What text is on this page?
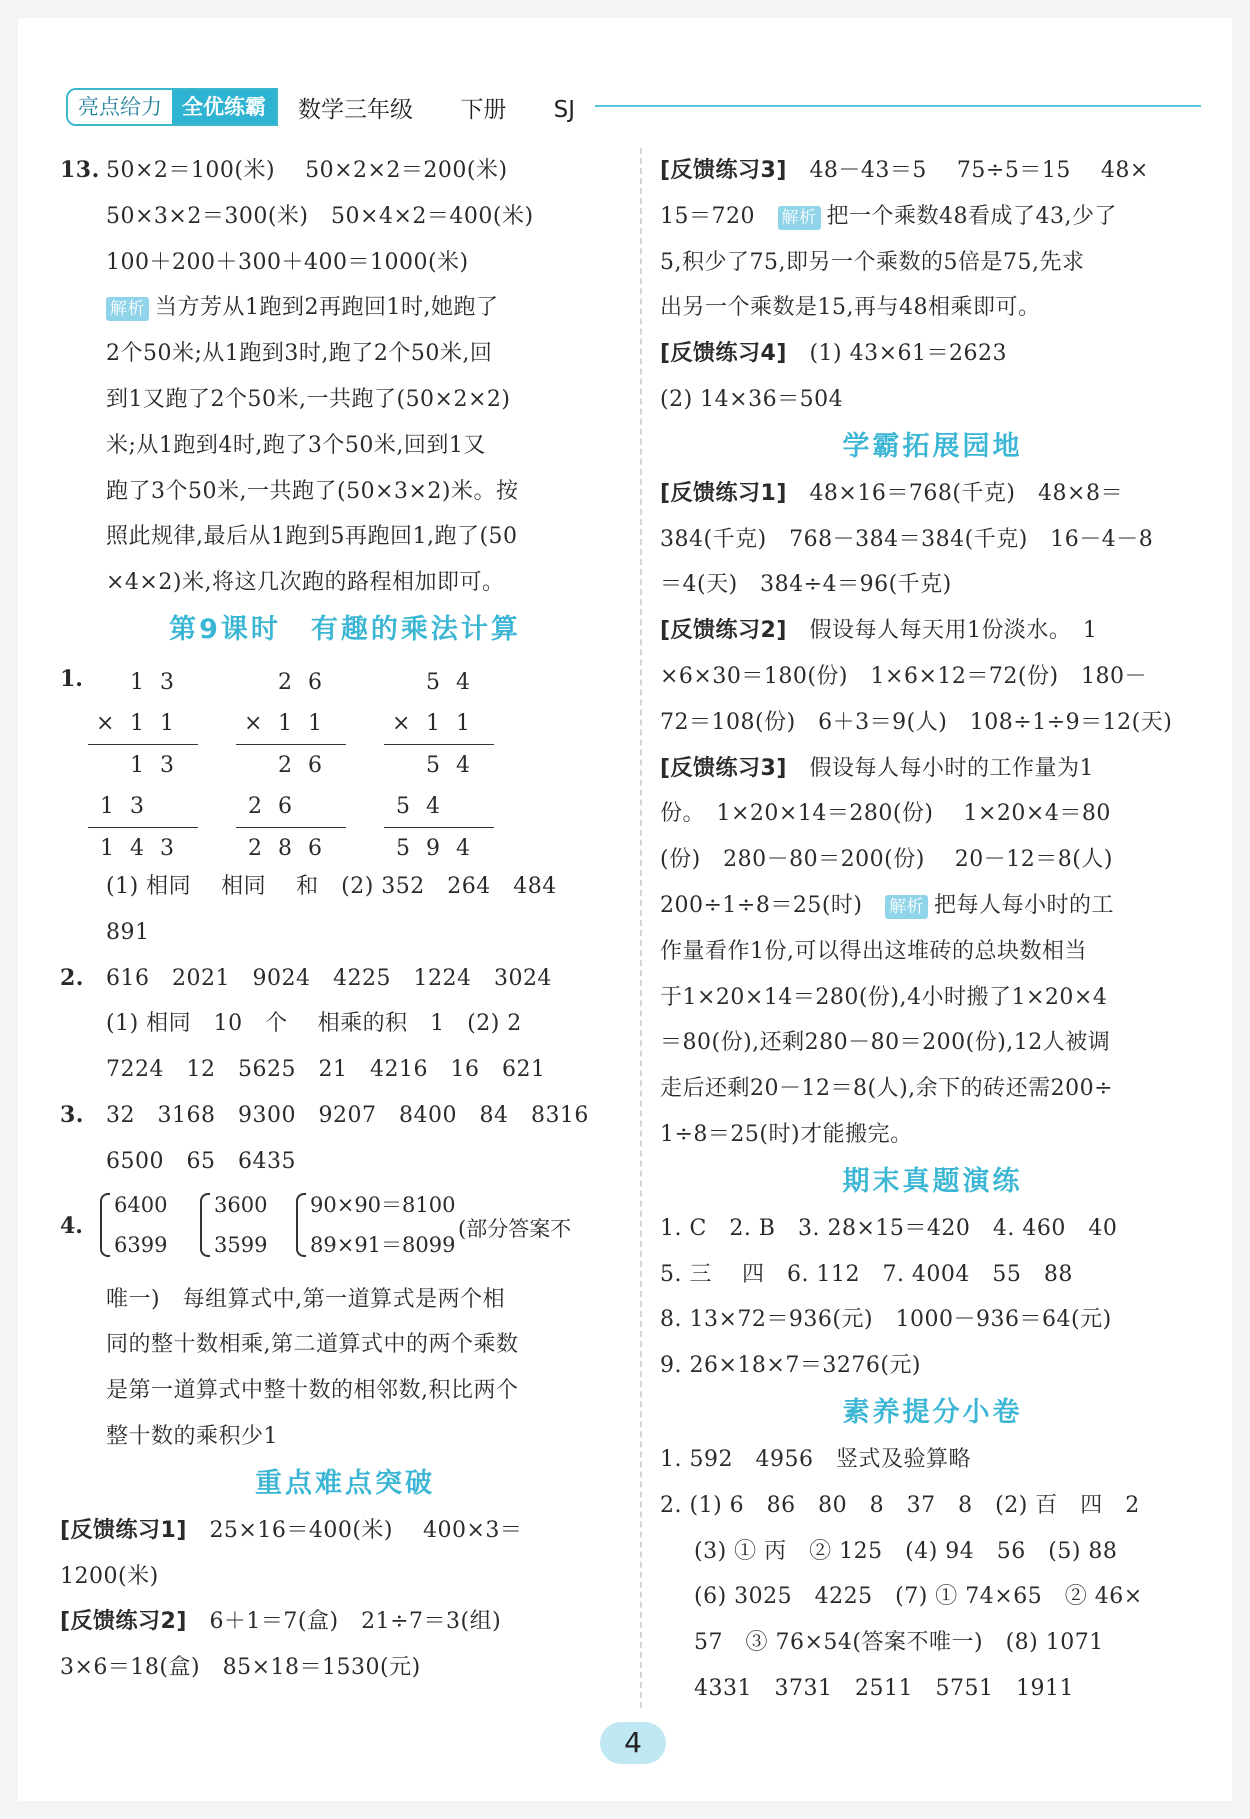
亮点给力 全优练霸	数学三年级 下册 SJ
13. 50×2＝100(米)　 50×2×2＝200(米)
50×3×2＝300(米)　50×4×2＝400(米)
100＋200＋300＋400＝1000(米)
解析 当方芳从1跑到2再跑回1时,她跑了
2个50米;从1跑到3时,跑了2个50米,回
到1又跑了2个50米,一共跑了(50×2×2)
米;从1跑到4时,跑了3个50米,回到1又
跑了3个50米,一共跑了(50×3×2)米。按
照此规律,最后从1跑到5再跑回1,跑了(50
×4×2)米,将这几次跑的路程相加即可。
第9课时　有趣的乘法计算
1. 1 3
× 1 1
1 3
1 3
1 4 3
2 6
× 1 1
2 6
2 6
2 8 6
5 4
× 1 1
5 4
5 4
5 9 4
(1) 相同　 相同　 和　(2) 352　264　484
891
2. 616　2021　9024　4225　1224　3024
(1) 相同　10　个　 相乘的积　1　(2) 2
7224　12　5625　21　4216　16　621
3. 32　3168　9300　9207　8400　84　8316
6500　65　6435
4.
6400
6399
3600
3599
90×90＝8100
89×91＝8099
(部分答案不
唯一)　每组算式中,第一道算式是两个相
同的整十数相乘,第二道算式中的两个乘数
是第一道算式中整十数的相邻数,积比两个
整十数的乘积少1
重点难点突破
[反馈练习1]　 25×16＝400(米)　 400×3＝
1200(米)
[反馈练习2]　 6＋1＝7(盒)　21÷7＝3(组)
3×6＝18(盒)　85×18＝1530(元)
[反馈练习3]　 48－43＝5　 75÷5＝15　 48×
15＝720　 解析 把一个乘数48看成了43,少了
5,积少了75,即另一个乘数的5倍是75,先求
出另一个乘数是15,再与48相乘即可。
[反馈练习4]　 (1) 43×61＝2623
(2) 14×36＝504
学霸拓展园地
[反馈练习1]　 48×16＝768(千克)　48×8＝
384(千克)　768－384＝384(千克)　16－4－8
＝4(天)　384÷4＝96(千克)
[反馈练习2]　 假设每人每天用1份淡水。　1
×6×30＝180(份)　1×6×12＝72(份)　180－
72＝108(份)　6＋3＝9(人)　108÷1÷9＝12(天)
[反馈练习3]　 假设每人每小时的工作量为1
份。　1×20×14＝280(份)　 1×20×4＝80
(份)　280－80＝200(份)　 20－12＝8(人)
200÷1÷8＝25(时)　 解析 把每人每小时的工
作量看作1份,可以得出这堆砖的总块数相当
于1×20×14＝280(份),4小时搬了1×20×4
＝80(份),还剩280－80＝200(份),12人被调
走后还剩20－12＝8(人),余下的砖还需200÷
1÷8＝25(时)才能搬完。
期末真题演练
1. C　2. B　3. 28×15＝420　4. 460　40
5. 三　 四　6. 112　7. 4004　55　88
8. 13×72＝936(元)　1000－936＝64(元)
9. 26×18×7＝3276(元)
素养提分小卷
1. 592　4956　竖式及验算略
2. (1) 6　86　80　8　37　8　(2) 百　四　2
(3) ① 丙　② 125　(4) 94　56　(5) 88
(6) 3025　4225　(7) ① 74×65　② 46×
57　③ 76×54(答案不唯一)　(8) 1071
4331　3731　2511　5751　1911
4
